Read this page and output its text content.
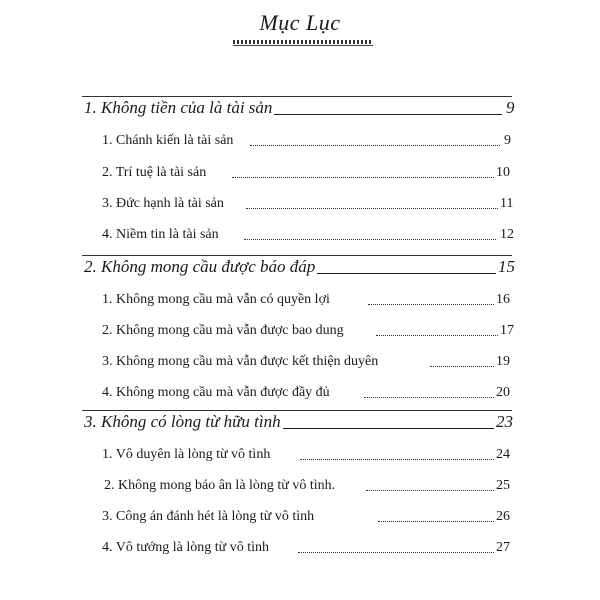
Mục Lục
1. Không tiền của là tài sản	9
1. Chánh kiến là tài sản	9
2. Trí tuệ là tài sản	10
3. Đức hạnh là tài sản	11
4. Niềm tin là tài sản	12
2. Không mong cầu được báo đáp	15
1. Không mong cầu mà vẫn có quyền lợi	16
2. Không mong cầu mà vẫn được bao dung	17
3. Không mong cầu mà vẫn được kết thiện duyên	19
4. Không mong cầu mà vẫn được đầy đủ	20
3. Không có lòng từ hữu tình	23
1. Vô duyên là lòng từ vô tình	24
2. Không mong báo ân là lòng từ vô tình.	25
3. Công án đánh hét là lòng từ vô tình	26
4. Vô tướng là lòng từ vô tình	27
